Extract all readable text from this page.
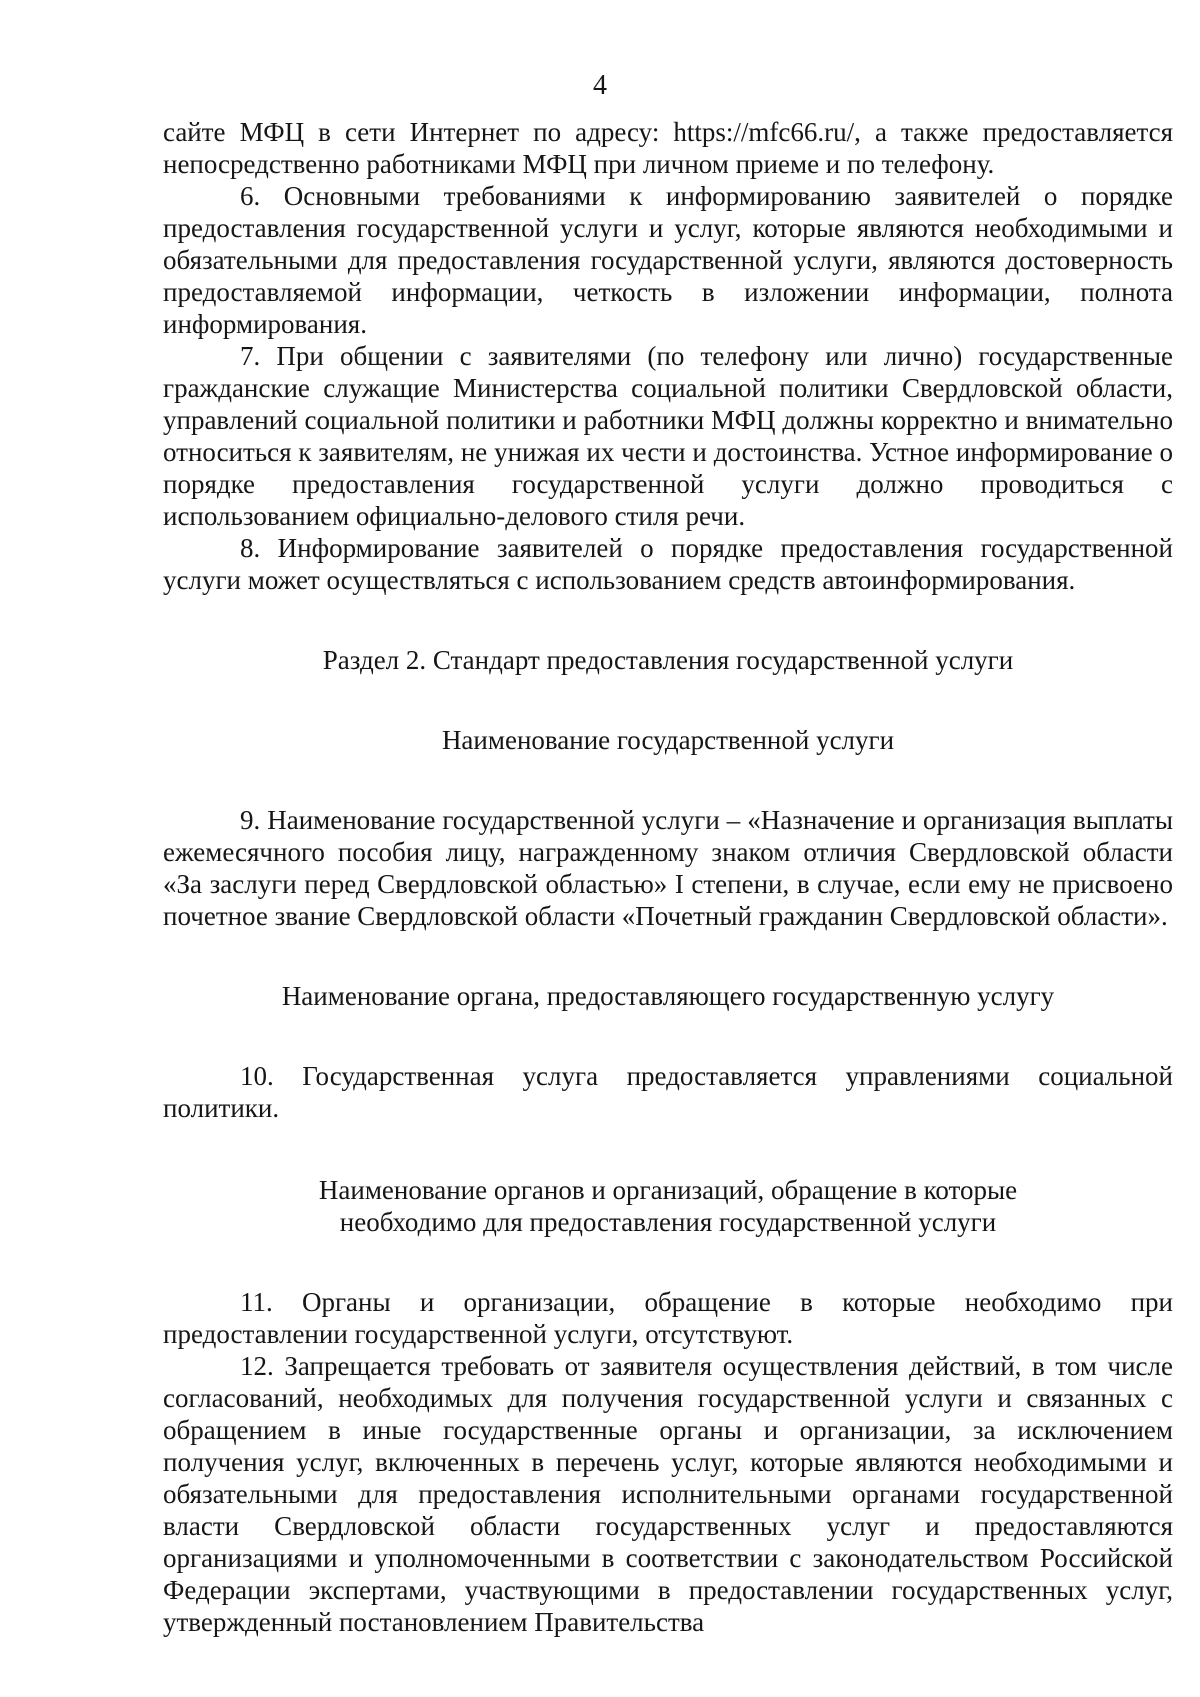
4

сайте МФЦ в сети Интернет по адресу: https://mfc66.ru/, а также предоставляется непосредственно работниками МФЦ при личном приеме и по телефону.

6. Основными требованиями к информированию заявителей о порядке предоставления государственной услуги и услуг, которые являются необходимыми и обязательными для предоставления государственной услуги, являются достоверность предоставляемой информации, четкость в изложении информации, полнота информирования.

7. При общении с заявителями (по телефону или лично) государственные гражданские служащие Министерства социальной политики Свердловской области, управлений социальной политики и работники МФЦ должны корректно и внимательно относиться к заявителям, не унижая их чести и достоинства. Устное информирование о порядке предоставления государственной услуги должно проводиться с использованием официально-делового стиля речи.

8. Информирование заявителей о порядке предоставления государственной услуги может осуществляться с использованием средств автоинформирования.

Раздел 2. Стандарт предоставления государственной услуги

Наименование государственной услуги

9. Наименование государственной услуги – «Назначение и организация выплаты ежемесячного пособия лицу, награжденному знаком отличия Свердловской области «За заслуги перед Свердловской областью» I степени, в случае, если ему не присвоено почетное звание Свердловской области «Почетный гражданин Свердловской области».

Наименование органа, предоставляющего государственную услугу

10. Государственная услуга предоставляется управлениями социальной политики.

Наименование органов и организаций, обращение в которые

необходимо для предоставления государственной услуги

11. Органы и организации, обращение в которые необходимо при предоставлении государственной услуги, отсутствуют.

12. Запрещается требовать от заявителя осуществления действий, в том числе согласований, необходимых для получения государственной услуги и связанных с обращением в иные государственные органы и организации, за исключением получения услуг, включенных в перечень услуг, которые являются необходимыми и обязательными для предоставления исполнительными органами государственной власти Свердловской области государственных услуг и предоставляются организациями и уполномоченными в соответствии с законодательством Российской Федерации экспертами, участвующими в предоставлении государственных услуг, утвержденный постановлением Правительства
